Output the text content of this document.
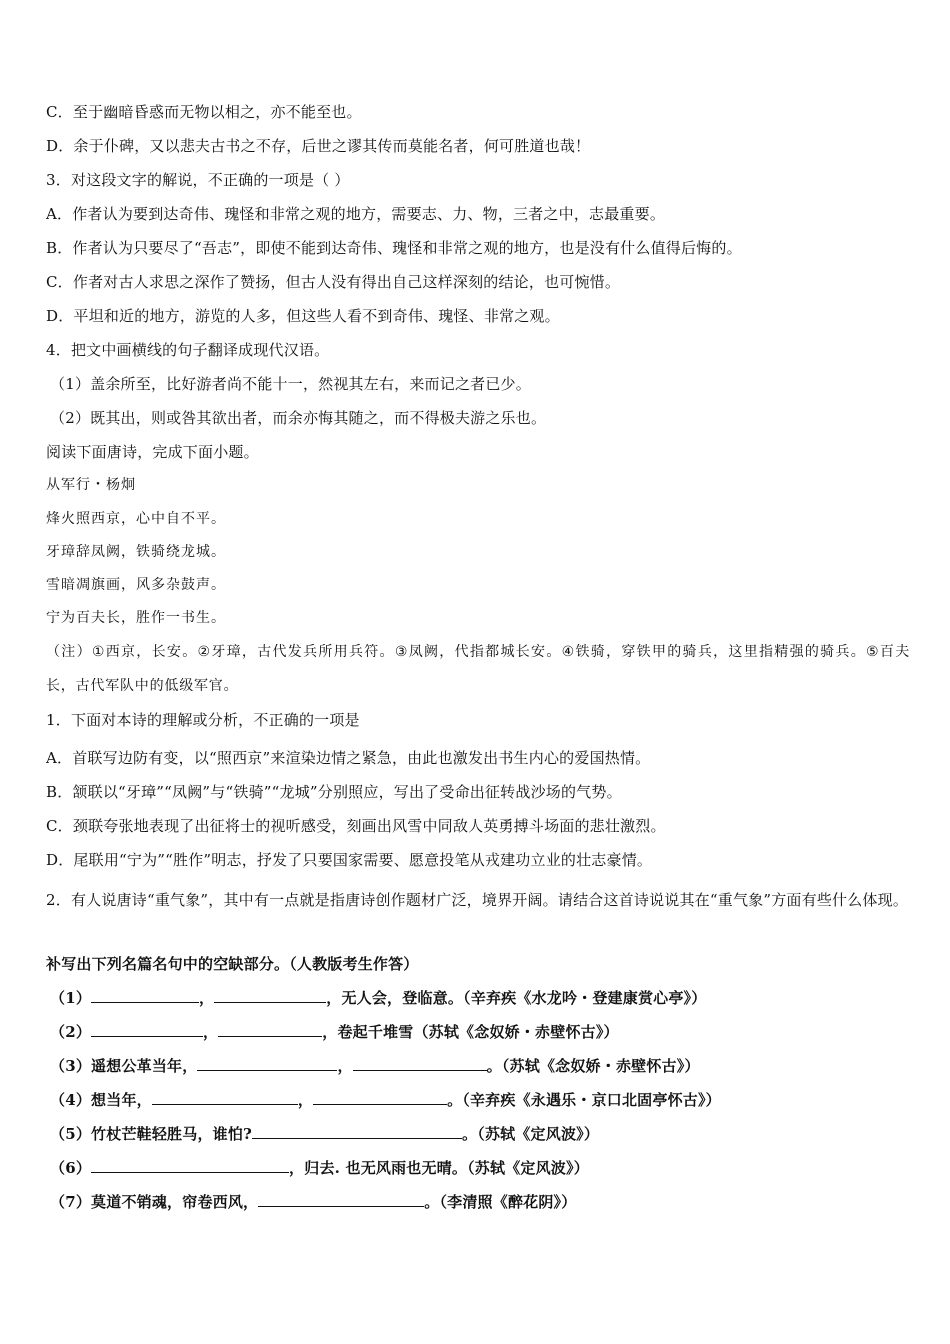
C．至于幽暗昏惑而无物以相之，亦不能至也。
D．余于仆碑，又以悲夫古书之不存，后世之谬其传而莫能名者，何可胜道也哉！
3．对这段文字的解说，不正确的一项是（ ）
A．作者认为要到达奇伟、瑰怪和非常之观的地方，需要志、力、物，三者之中，志最重要。
B．作者认为只要尽了“吾志”，即使不能到达奇伟、瑰怪和非常之观的地方，也是没有什么值得后悔的。
C．作者对古人求思之深作了赞扬，但古人没有得出自己这样深刻的结论，也可惋惜。
D．平坦和近的地方，游览的人多，但这些人看不到奇伟、瑰怪、非常之观。
4．把文中画横线的句子翻译成现代汉语。
（1）盖余所至，比好游者尚不能十一，然视其左右，来而记之者已少。
（2）既其出，则或咎其欲出者，而余亦悔其随之，而不得极夫游之乐也。
阅读下面唐诗，完成下面小题。
从军行・杨炯
烽火照西京，心中自不平。
牙璋辞凤阙，铁骑绕龙城。
雪暗凋旗画，风多杂鼓声。
宁为百夫长，胜作一书生。
（注）①西京，长安。②牙璋，古代发兵所用兵符。③凤阙，代指都城长安。④铁骑，穿铁甲的骑兵，这里指精强的骑兵。⑤百夫长，古代军队中的低级军官。
1．下面对本诗的理解或分析，不正确的一项是
A．首联写边防有变，以“照西京”来渲染边情之紧急，由此也激发出书生内心的爱国热情。
B．颔联以“牙璋”“凤阙”与“铁骑”“龙城”分别照应，写出了受命出征转战沙场的气势。
C．颈联夸张地表现了出征将士的视听感受，刻画出风雪中同敌人英勇搏斗场面的悲壮激烈。
D．尾联用“宁为”“胜作”明志，抒发了只要国家需要、愿意投笔从戎建功立业的壮志豪情。
2．有人说唐诗“重气象”，其中有一点就是指唐诗创作题材广泛，境界开阔。请结合这首诗说说其在“重气象”方面有些什么体现。
补写出下列名篇名句中的空缺部分。（人教版考生作答）
（1）	，	，无人会，登临意。（辛弃疾《水龙吟・登建康赏心亭》）
（2）	，	，卷起千堆雪（苏轼《念奴娇・赤壁怀古》）
（3）遥想公革当年，	，	。（苏轼《念奴娇・赤壁怀古》）
（4）想当年，	，	。（辛弃疾《永遇乐・京口北固亭怀古》）
（5）竹杖芒鞋轻胜马，谁怕?	。（苏轼《定风波》）
（6）	，归去. 也无风雨也无晴。（苏轼《定风波》）
（7）莫道不销魂，帘卷西风，	。（李清照《醉花阴》）
